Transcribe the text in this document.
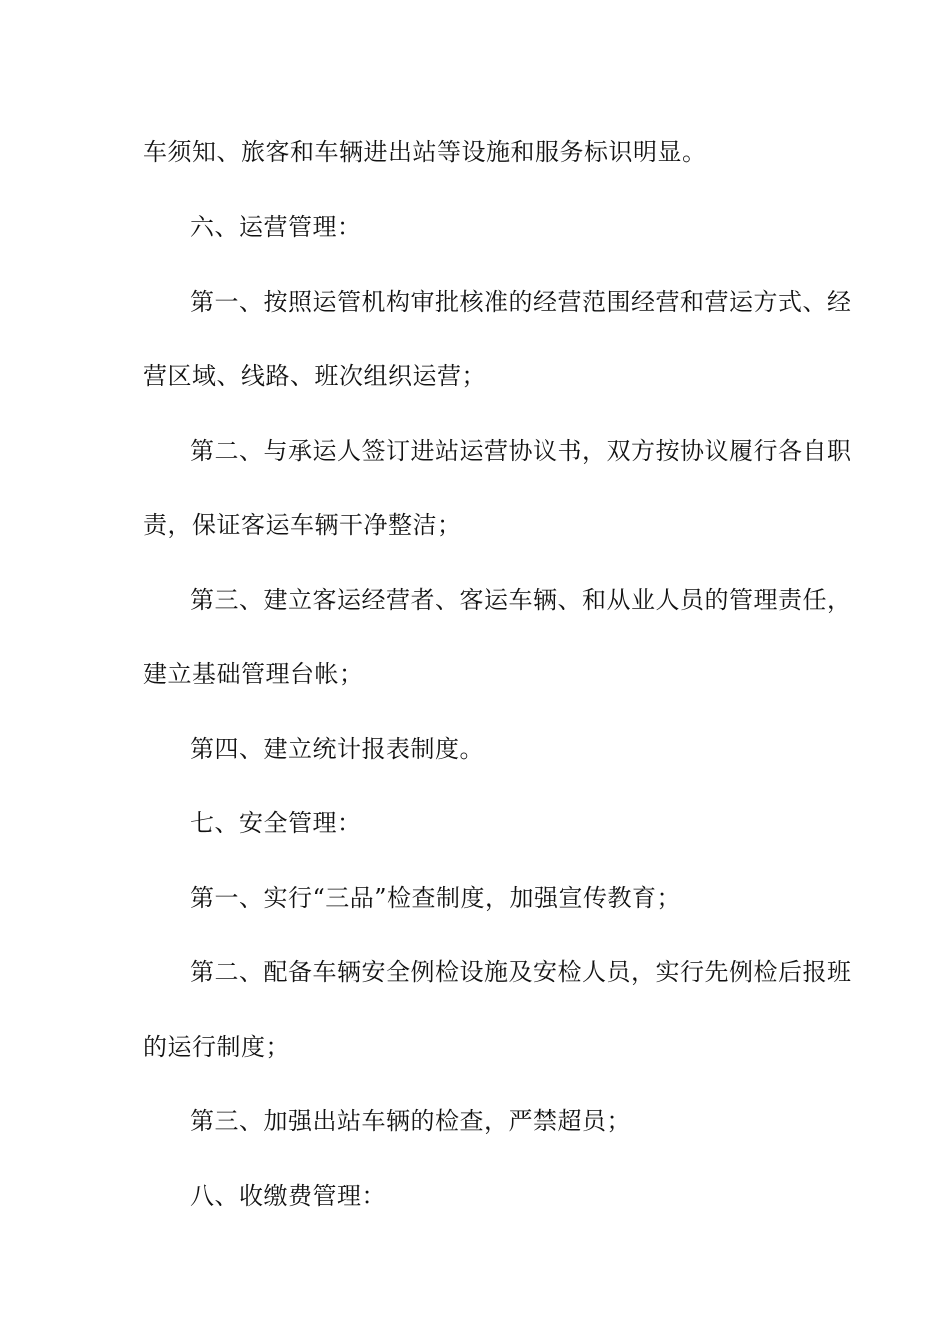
车须知、旅客和车辆进出站等设施和服务标识明显。
六、运营管理：
第一、按照运管机构审批核准的经营范围经营和营运方式、经
营区域、线路、班次组织运营；
第二、与承运人签订进站运营协议书，双方按协议履行各自职
责，保证客运车辆干净整洁；
第三、建立客运经营者、客运车辆、和从业人员的管理责任，
建立基础管理台帐；
第四、建立统计报表制度。
七、安全管理：
第一、实行“三品”检查制度，加强宣传教育；
第二、配备车辆安全例检设施及安检人员，实行先例检后报班
的运行制度；
第三、加强出站车辆的检查，严禁超员；
八、收缴费管理：
